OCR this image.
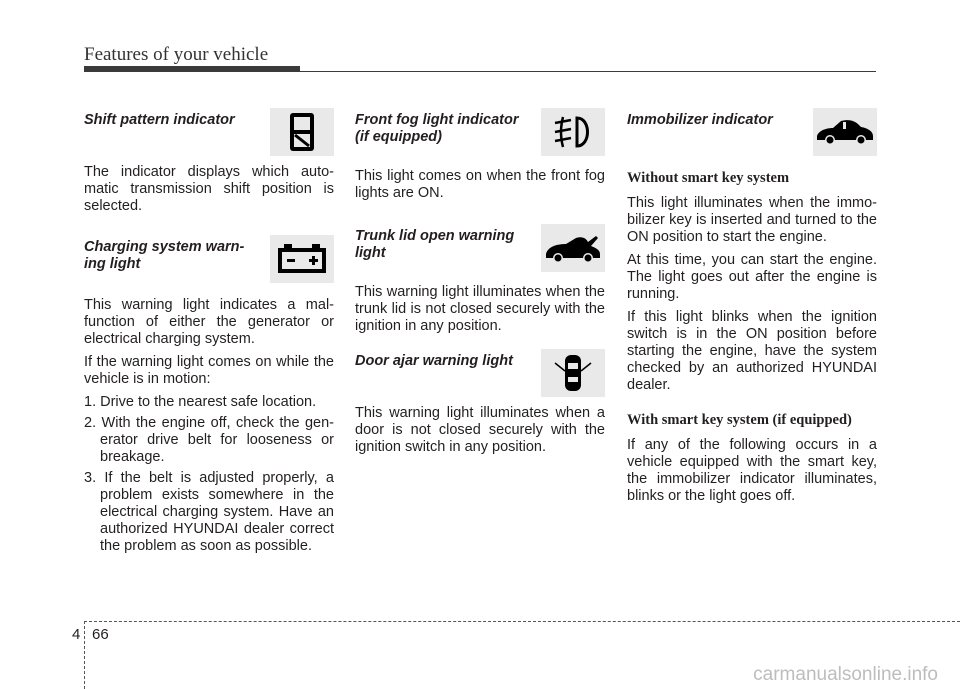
Features of your vehicle
Shift pattern indicator

The indicator displays which auto-matic transmission shift position is selected.

Charging system warn-ing light

This warning light indicates a mal-function of either the generator or electrical charging system.

If the warning light comes on while the vehicle is in motion:

1. Drive to the nearest safe location.

2. With the engine off, check the gen-erator drive belt for looseness or breakage.

3. If the belt is adjusted properly, a problem exists somewhere in the electrical charging system. Have an authorized HYUNDAI dealer correct the problem as soon as possible.

Front fog light indicator (if equipped)

This light comes on when the front fog lights are ON.

Trunk lid open warning light

This warning light illuminates when the trunk lid is not closed securely with the ignition in any position.

Door ajar warning light

This warning light illuminates when a door is not closed securely with the ignition switch in any position.

Immobilizer indicator

Without smart key system

This light illuminates when the immo-bilizer key is inserted and turned to the ON position to start the engine.

At this time, you can start the engine. The light goes out after the engine is running.

If this light blinks when the ignition switch is in the ON position before starting the engine, have the system checked by an authorized HYUNDAI dealer.

With smart key system (if equipped)

If any of the following occurs in a vehicle equipped with the smart key, the immobilizer indicator illuminates, blinks or the light goes off.

4 66
carmanualsonline.info
